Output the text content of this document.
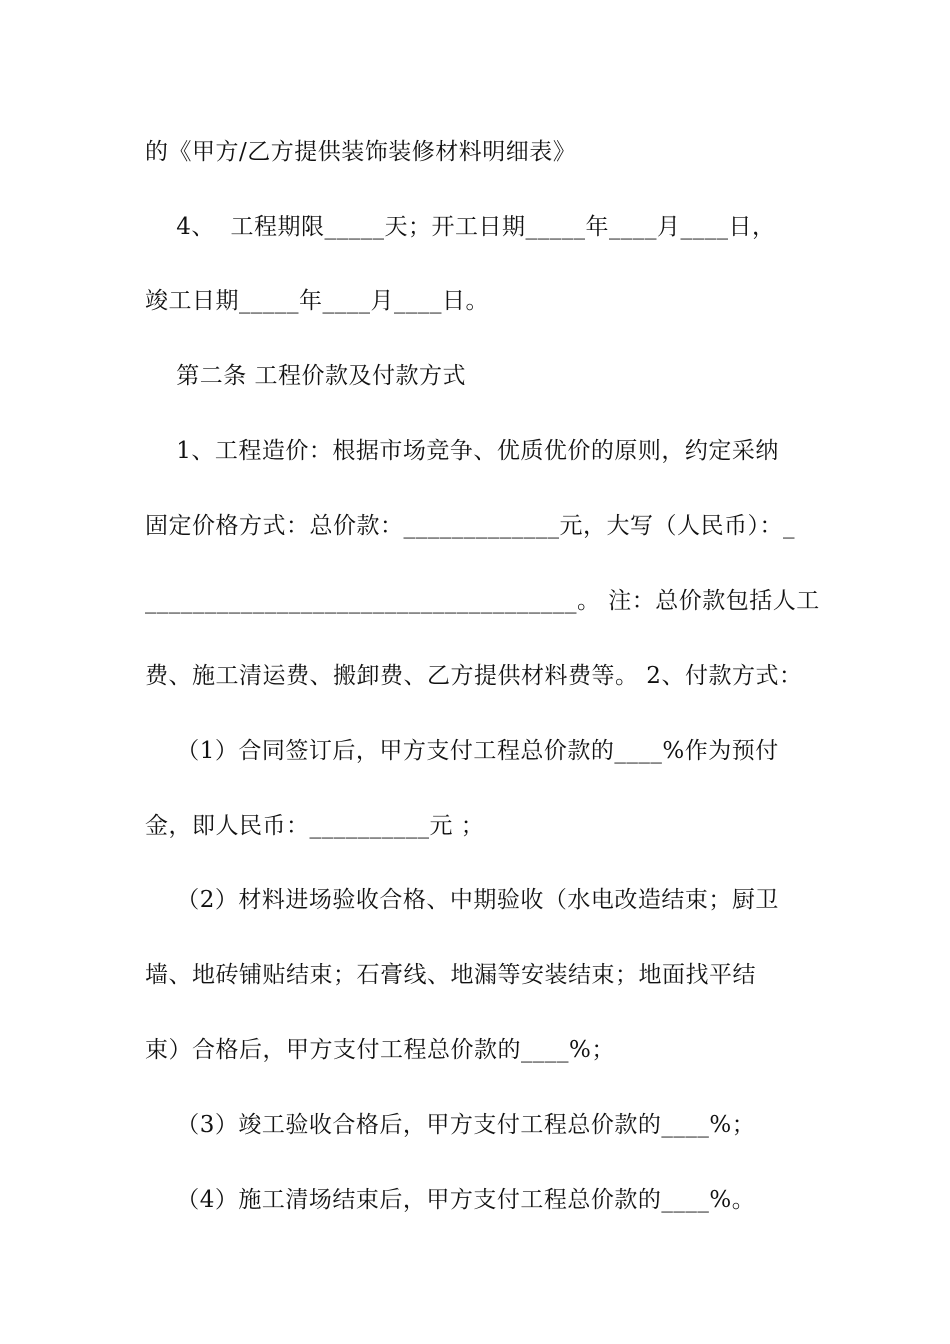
的《甲方/乙方提供装饰装修材料明细表》
4、  工程期限_____天；开工日期_____年____月____日，
竣工日期_____年____月____日。
第二条 工程价款及付款方式
1、工程造价：根据市场竞争、优质优价的原则，约定采纳
固定价格方式：总价款：_____________元，大写（人民币）：_
____________________________________。 注：总价款包括人工
费、施工清运费、搬卸费、乙方提供材料费等。 2、付款方式：
（1）合同签订后，甲方支付工程总价款的____%作为预付
金，即人民币：__________元 ；
（2）材料进场验收合格、中期验收（水电改造结束；厨卫
墙、地砖铺贴结束；石膏线、地漏等安装结束；地面找平结
束）合格后，甲方支付工程总价款的____%；
（3）竣工验收合格后，甲方支付工程总价款的____%；
（4）施工清场结束后，甲方支付工程总价款的____%。
